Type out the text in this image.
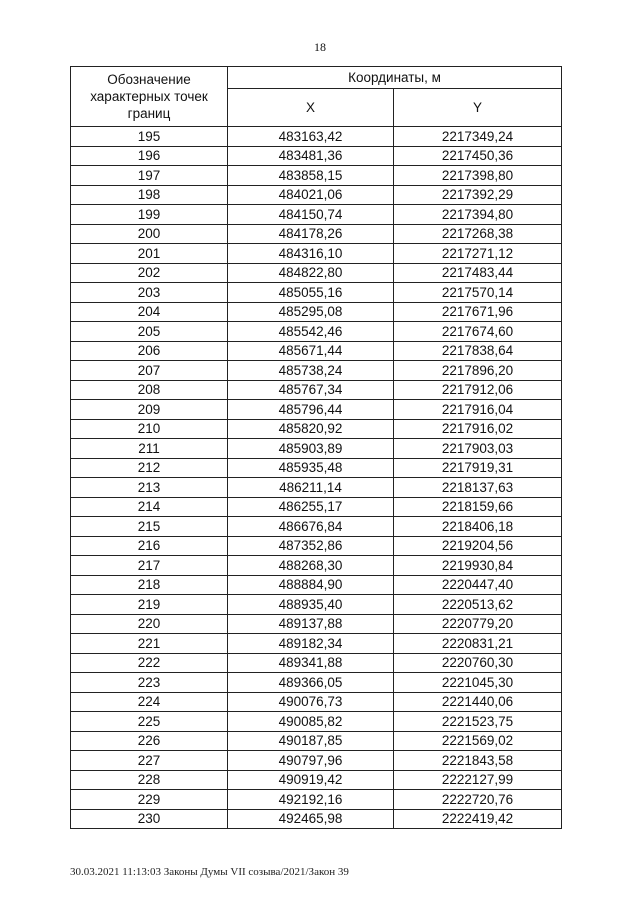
18
Обозначение характерных точек границ	Координаты, м	
	X	Y
195	483163,42	2217349,24
196	483481,36	2217450,36
197	483858,15	2217398,80
198	484021,06	2217392,29
199	484150,74	2217394,80
200	484178,26	2217268,38
201	484316,10	2217271,12
202	484822,80	2217483,44
203	485055,16	2217570,14
204	485295,08	2217671,96
205	485542,46	2217674,60
206	485671,44	2217838,64
207	485738,24	2217896,20
208	485767,34	2217912,06
209	485796,44	2217916,04
210	485820,92	2217916,02
211	485903,89	2217903,03
212	485935,48	2217919,31
213	486211,14	2218137,63
214	486255,17	2218159,66
215	486676,84	2218406,18
216	487352,86	2219204,56
217	488268,30	2219930,84
218	488884,90	2220447,40
219	488935,40	2220513,62
220	489137,88	2220779,20
221	489182,34	2220831,21
222	489341,88	2220760,30
223	489366,05	2221045,30
224	490076,73	2221440,06
225	490085,82	2221523,75
226	490187,85	2221569,02
227	490797,96	2221843,58
228	490919,42	2222127,99
229	492192,16	2222720,76
230	492465,98	2222419,42
30.03.2021 11:13:03 Законы Думы VII созыва/2021/Закон 39
